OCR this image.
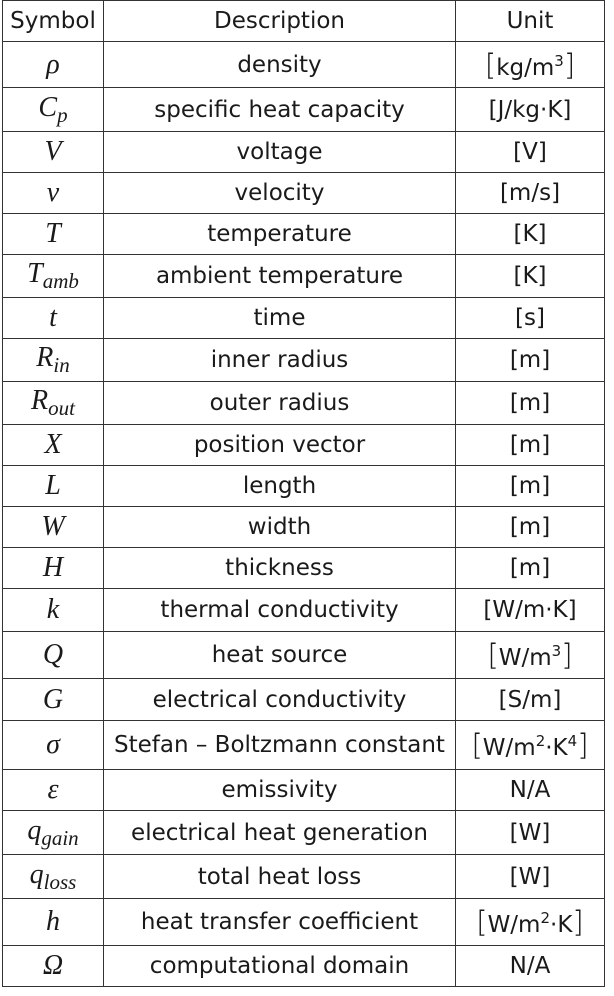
Symbol	Description	Unit
ρ	density	$[kg/m^3]$
$C_p$	specific heat capacity	[J/kg·K]
V	voltage	[V]
v	velocity	[m/s]
T	temperature	[K]
$T_{amb}$	ambient temperature	[K]
t	time	[s]
$R_{in}$	inner radius	[m]
$R_{out}$	outer radius	[m]
X	position vector	[m]
L	length	[m]
W	width	[m]
H	thickness	[m]
k	thermal conductivity	[W/m·K]
Q	heat source	$[W/m^3]$
G	electrical conductivity	[S/m]
σ	Stefan – Boltzmann constant	$[W/m^2\cdot K^4]$
ε	emissivity	N/A
$q_{gain}$	electrical heat generation	[W]
$q_{loss}$	total heat loss	[W]
h	heat transfer coefficient	$[W/m^2\cdot K]$
Ω	computational domain	N/A
